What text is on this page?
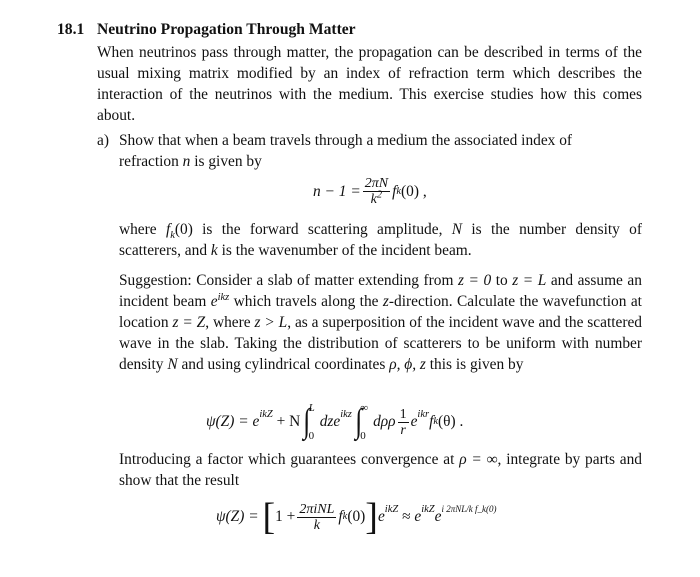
18.1 Neutrino Propagation Through Matter
When neutrinos pass through matter, the propagation can be described in terms of the usual mixing matrix modified by an index of refraction term which describes the interaction of the neutrinos with the medium. This exercise studies how this comes about.
a) Show that when a beam travels through a medium the associated index of
refraction n is given by
$n - 1 = \frac{2\pi N}{k^2}$ f k (0) ,
where $f_k(0)$ is the forward scattering amplitude, N is the number density of scatterers, and k is the wavenumber of the incident beam.
Suggestion: Consider a slab of matter extending from z = 0 to z = L and assume an incident beam $e^{ikz}$ which travels along the z-direction. Calculate the wavefunction at location z = Z, where z > L, as a superposition of the incident wave and the scattered wave in the slab. Taking the distribution of scatterers to be uniform with number density N and using cylindrical coordinates ρ, ϕ, z this is given by
ψ(Z) =
$e^{ikZ}$
+ N ∫
L
0
dze$^{ikz}$ ∫
∞
0
dρρ $\frac{1}{r} e^{ikr}$ f k (θ) .
Introducing a factor which guarantees convergence at ρ = ∞, integrate by parts and show that the result
ψ(Z) =
[ $1 + \frac{\text{2πiNL}}{k}$ f k (0) ] $e^{ikZ}$
≈
$e^{ikZ}$ $e^{i 2\pi NL/k f\_k(0)}$
